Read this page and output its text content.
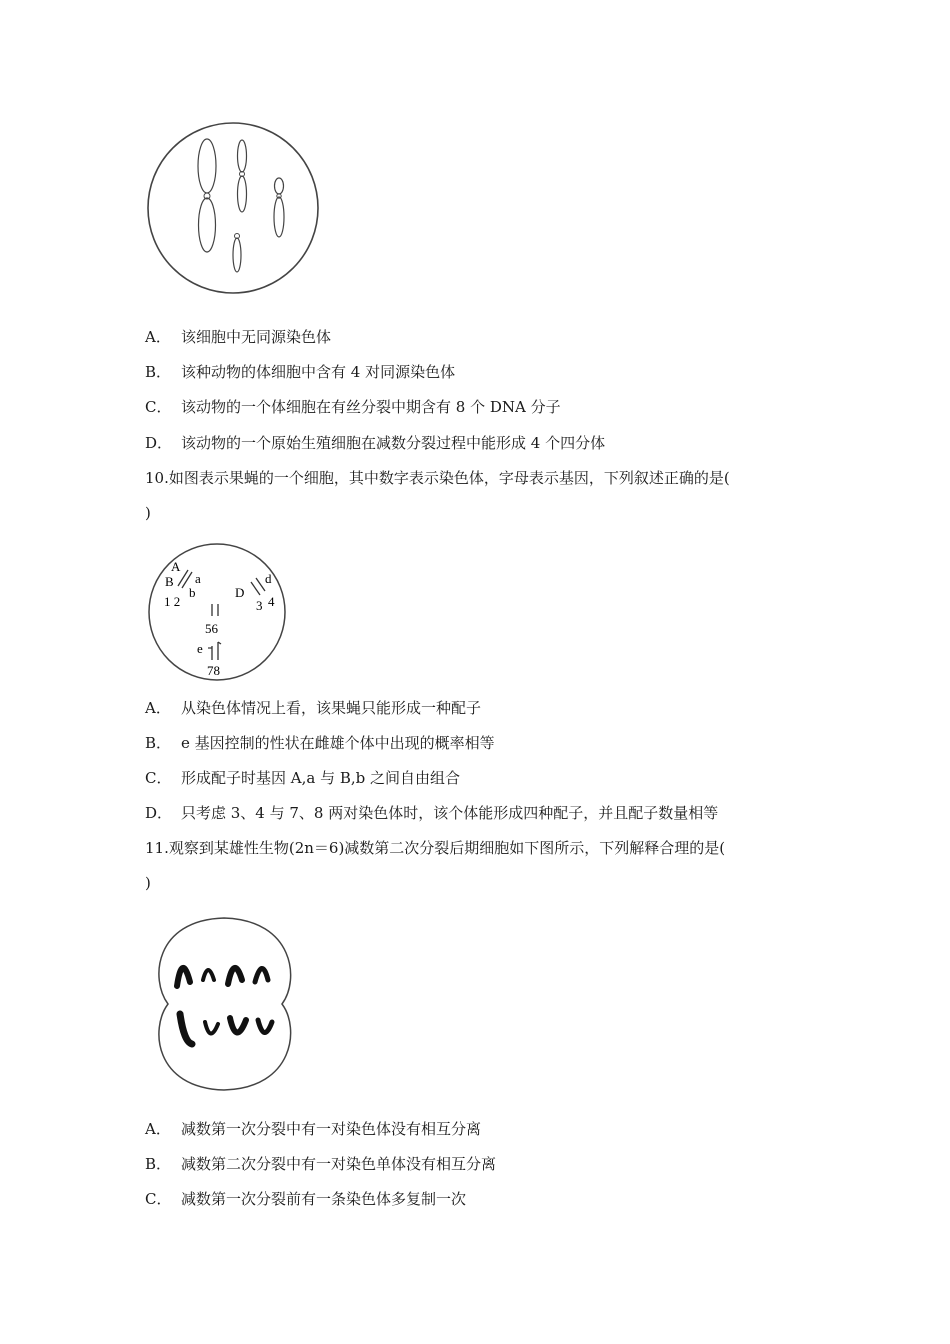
A． 该细胞中无同源染色体
B． 该种动物的体细胞中含有 4 对同源染色体
C． 该动物的一个体细胞在有丝分裂中期含有 8 个 DNA 分子
D． 该动物的一个原始生殖细胞在减数分裂过程中能形成 4 个四分体
10.如图表示果蝇的一个细胞，其中数字表示染色体，字母表示基因，下列叙述正确的是(
)
A
B a
b
1 2
D
d
3 4
56
e
78
A． 从染色体情况上看，该果蝇只能形成一种配子
B． e 基因控制的性状在雌雄个体中出现的概率相等
C． 形成配子时基因 A,a 与 B,b 之间自由组合
D． 只考虑 3、4 与 7、8 两对染色体时，该个体能形成四种配子，并且配子数量相等
11.观察到某雄性生物(2n＝6)减数第二次分裂后期细胞如下图所示，下列解释合理的是(
)
A． 减数第一次分裂中有一对染色体没有相互分离
B． 减数第二次分裂中有一对染色单体没有相互分离
C． 减数第一次分裂前有一条染色体多复制一次
